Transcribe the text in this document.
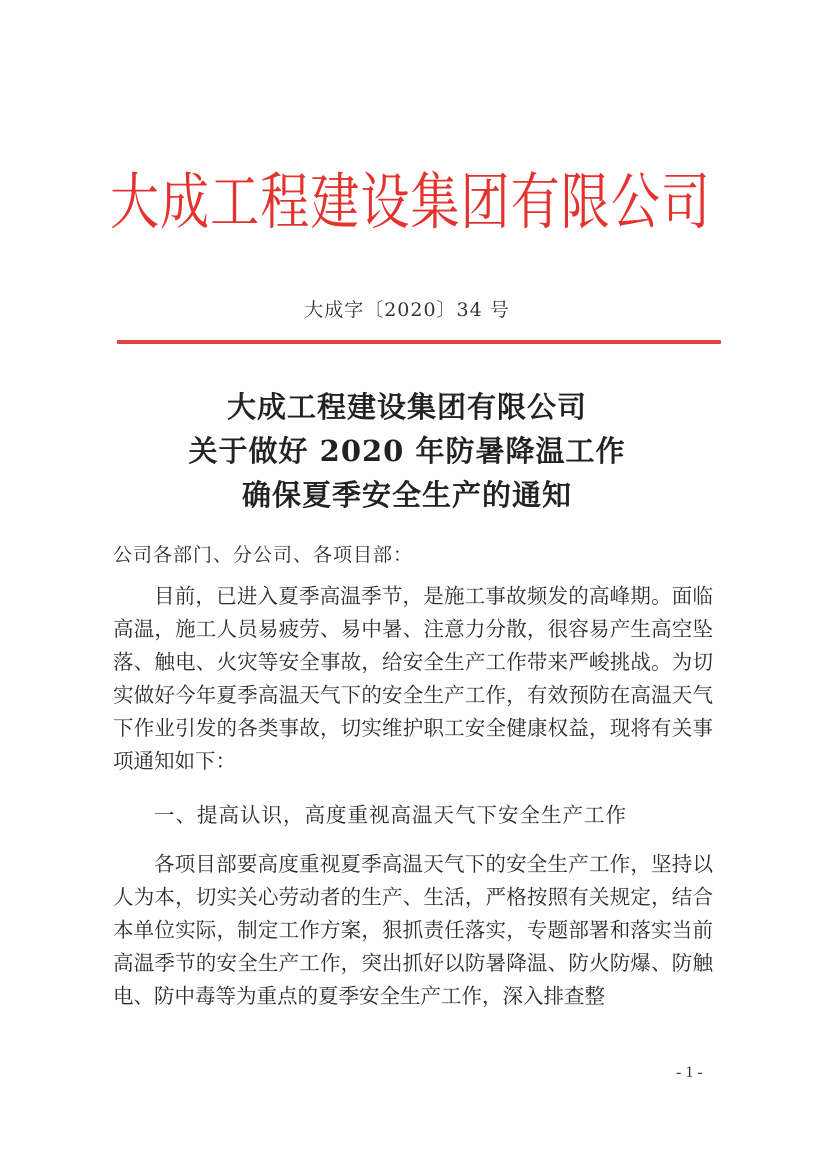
大成工程建设集团有限公司
大成字〔2020〕34 号
大成工程建设集团有限公司
关于做好 2020 年防暑降温工作
确保夏季安全生产的通知
公司各部门、分公司、各项目部：
目前，已进入夏季高温季节，是施工事故频发的高峰期。面临高温，施工人员易疲劳、易中暑、注意力分散，很容易产生高空坠落、触电、火灾等安全事故，给安全生产工作带来严峻挑战。为切实做好今年夏季高温天气下的安全生产工作，有效预防在高温天气下作业引发的各类事故，切实维护职工安全健康权益，现将有关事项通知如下：
一、提高认识，高度重视高温天气下安全生产工作
各项目部要高度重视夏季高温天气下的安全生产工作，坚持以人为本，切实关心劳动者的生产、生活，严格按照有关规定，结合本单位实际，制定工作方案，狠抓责任落实，专题部署和落实当前高温季节的安全生产工作，突出抓好以防暑降温、防火防爆、防触电、防中毒等为重点的夏季安全生产工作，深入排查整
- 1 -
